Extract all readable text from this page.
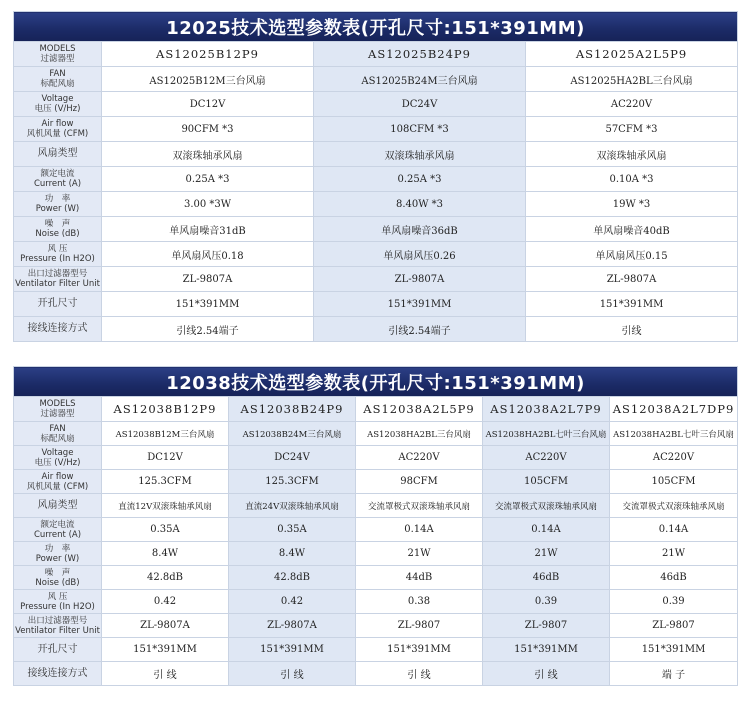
12025技术选型参数表(开孔尺寸:151*391MM)			

MODELS
过滤器型	AS12025B12P9	AS12025B24P9	AS12025A2L5P9

FAN
标配风扇	AS12025B12M三台风扇	AS12025B24M三台风扇	AS12025HA2BL三台风扇

Voltage
电压 (V/Hz)	DC12V	DC24V	AC220V

Air flow
风机风量 (CFM)	90CFM *3	108CFM *3	57CFM *3

风扇类型	双滚珠轴承风扇	双滚珠轴承风扇	双滚珠轴承风扇

额定电流
Current (A)	0.25A *3	0.25A *3	0.10A *3

功　率
Power (W)	3.00 *3W	8.40W *3	19W *3

噪　声
Noise (dB)	单风扇噪音31dB	单风扇噪音36dB	单风扇噪音40dB

风 压
Pressure (In H2O)	单风扇风压0.18	单风扇风压0.26	单风扇风压0.15

出口过滤器型号
Ventilator Filter Unit	ZL-9807A	ZL-9807A	ZL-9807A

开孔尺寸	151*391MM	151*391MM	151*391MM

接线连接方式	引线2.54端子	引线2.54端子	引线
12038技术选型参数表(开孔尺寸:151*391MM)					

MODELS
过滤器型	AS12038B12P9	AS12038B24P9	AS12038A2L5P9	AS12038A2L7P9	AS12038A2L7DP9

FAN
标配风扇	AS12038B12M三台风扇	AS12038B24M三台风扇	AS12038HA2BL三台风扇	AS12038HA2BL七叶三台风扇	AS12038HA2BL七叶三台风扇

Voltage
电压 (V/Hz)	DC12V	DC24V	AC220V	AC220V	AC220V

Air flow
风机风量 (CFM)	125.3CFM	125.3CFM	98CFM	105CFM	105CFM

风扇类型	直流12V双滚珠轴承风扇	直流24V双滚珠轴承风扇	交流罩极式双滚珠轴承风扇	交流罩极式双滚珠轴承风扇	交流罩极式双滚珠轴承风扇

额定电流
Current (A)	0.35A	0.35A	0.14A	0.14A	0.14A

功　率
Power (W)	8.4W	8.4W	21W	21W	21W

噪　声
Noise (dB)	42.8dB	42.8dB	44dB	46dB	46dB

风 压
Pressure (In H2O)	0.42	0.42	0.38	0.39	0.39

出口过滤器型号
Ventilator Filter Unit	ZL-9807A	ZL-9807A	ZL-9807	ZL-9807	ZL-9807

开孔尺寸	151*391MM	151*391MM	151*391MM	151*391MM	151*391MM

接线连接方式	引 线	引 线	引 线	引 线	端 子
